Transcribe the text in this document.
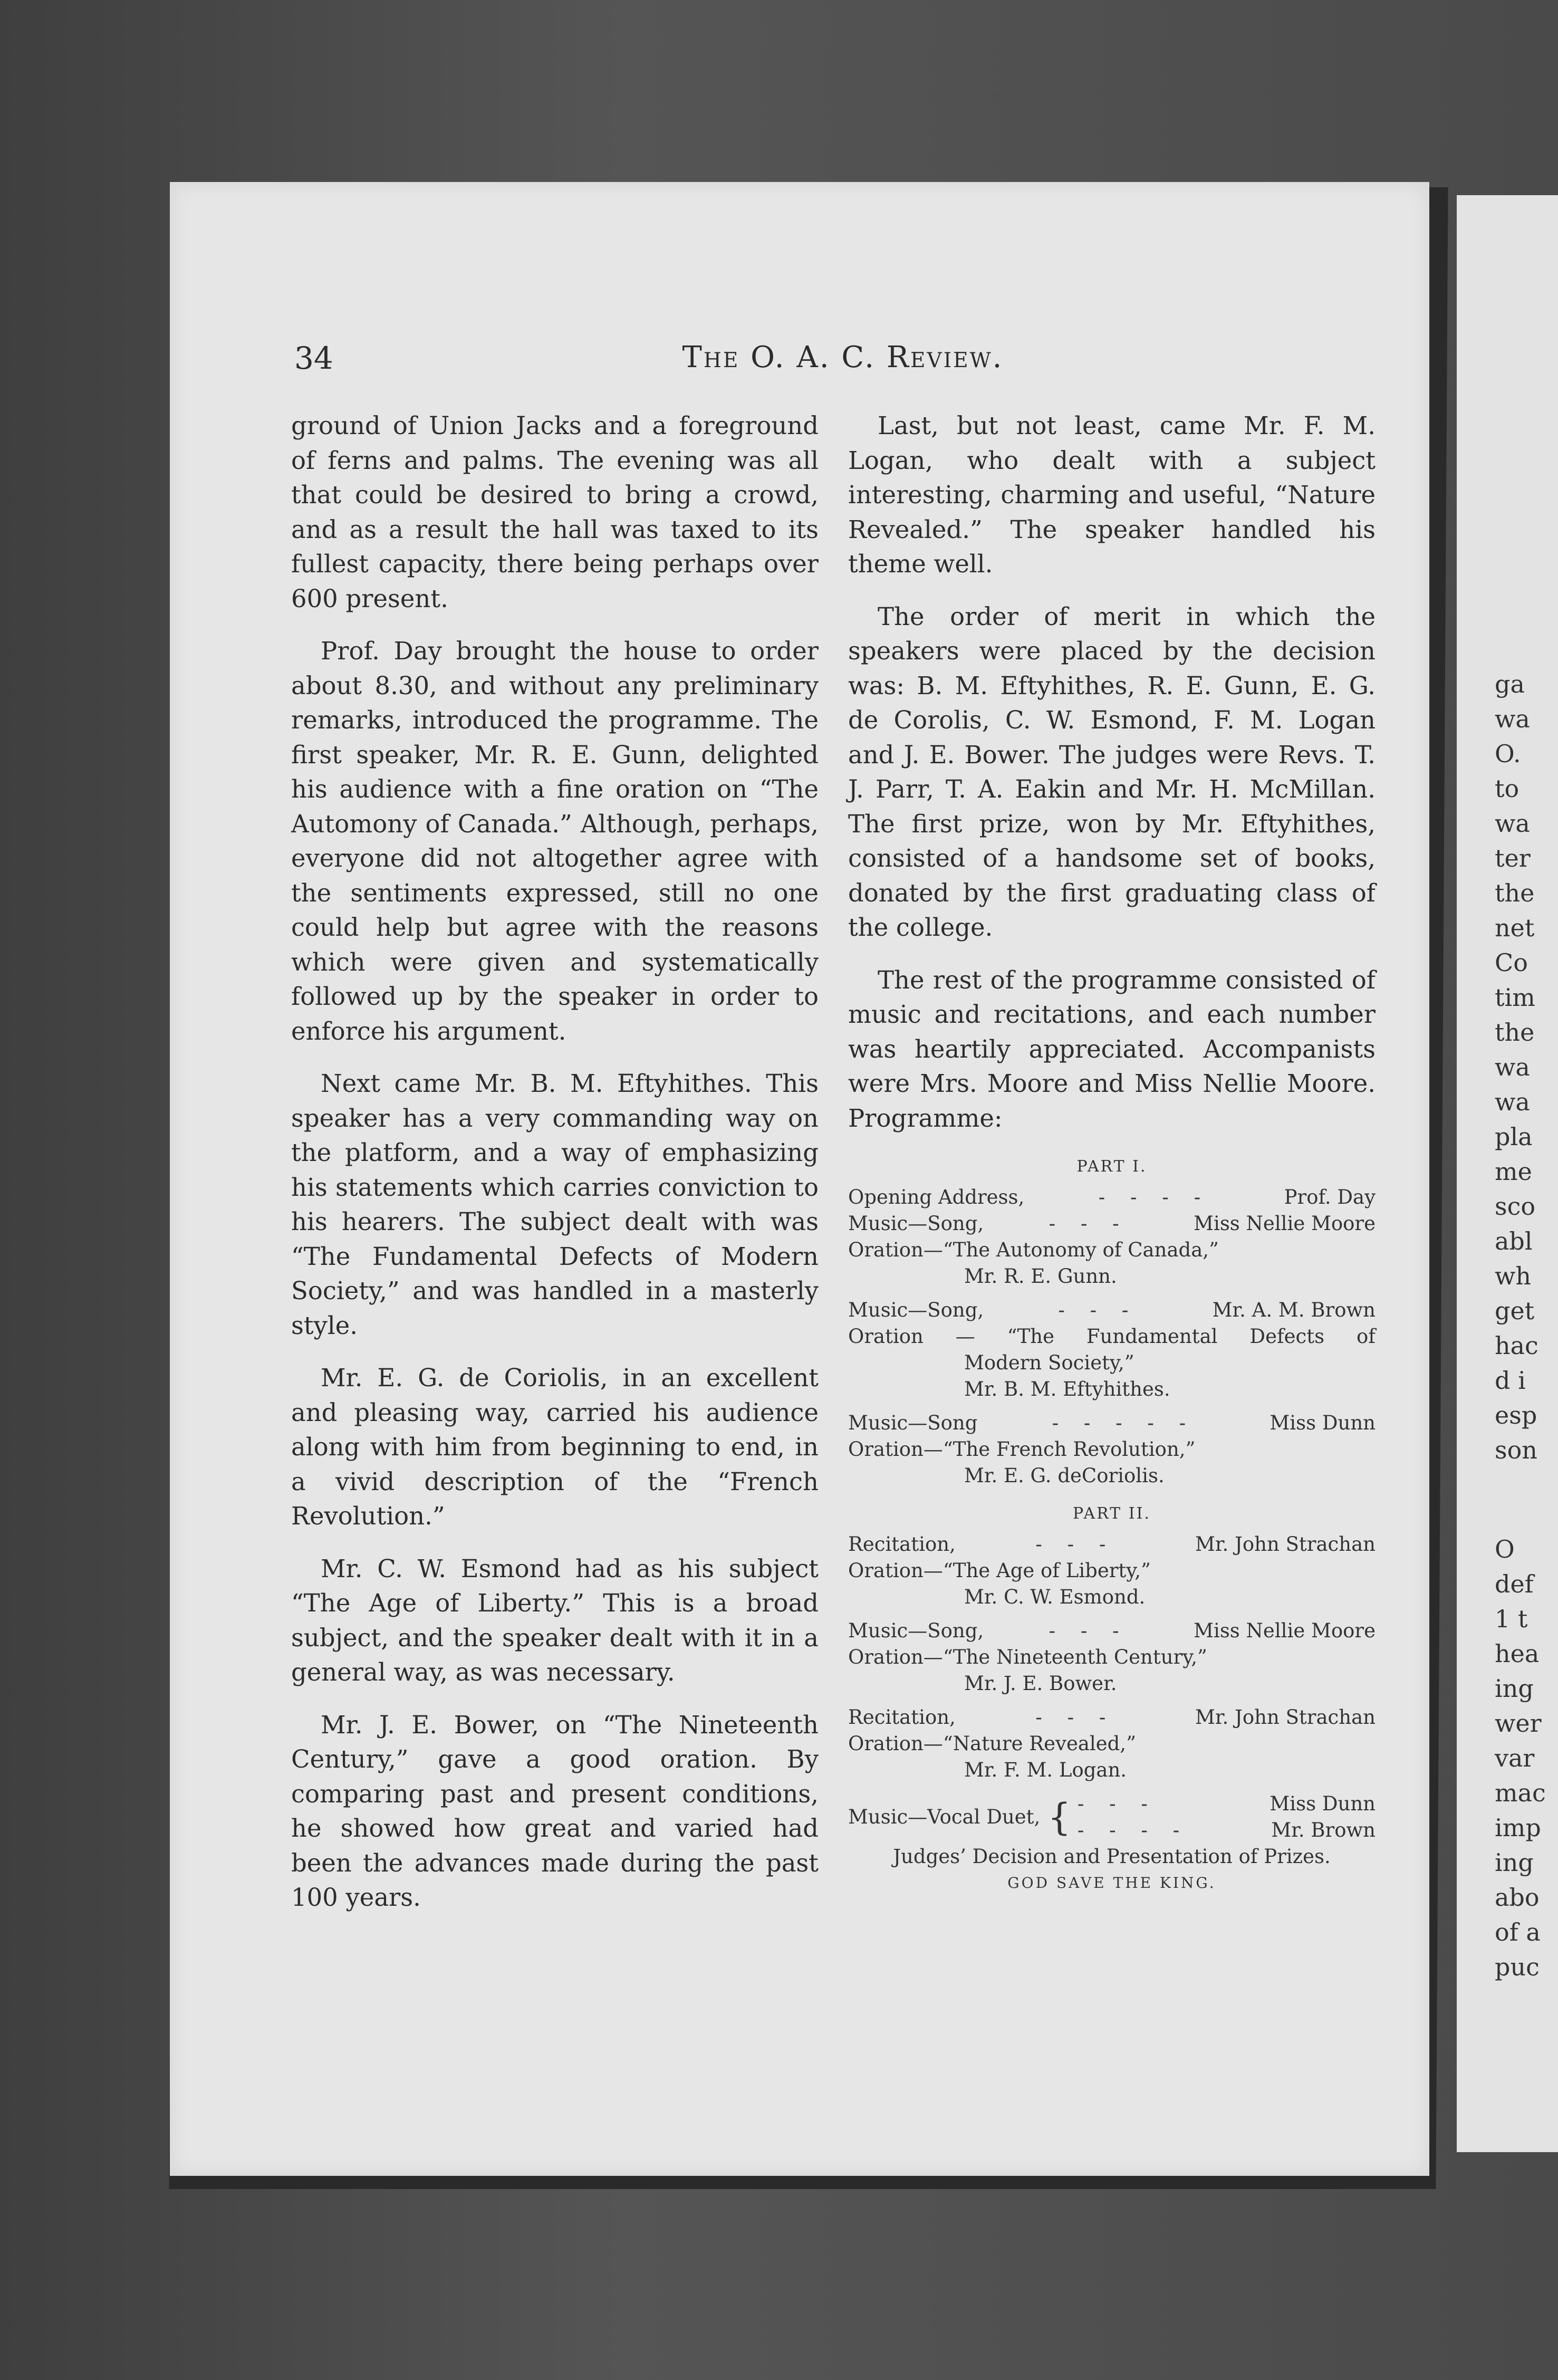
34	The O. A. C. Review.

ground of Union Jacks and a foreground of ferns and palms. The evening was all that could be desired to bring a crowd, and as a result the hall was taxed to its fullest capacity, there being perhaps over 600 present.

Prof. Day brought the house to order about 8.30, and without any preliminary remarks, introduced the programme. The first speaker, Mr. R. E. Gunn, delighted his audience with a fine oration on “The Automony of Canada.” Although, perhaps, everyone did not altogether agree with the sentiments expressed, still no one could help but agree with the reasons which were given and systematically followed up by the speaker in order to enforce his argument.

Next came Mr. B. M. Eftyhithes. This speaker has a very commanding way on the platform, and a way of emphasizing his statements which carries conviction to his hearers. The subject dealt with was “The Fundamental Defects of Modern Society,” and was handled in a masterly style.

Mr. E. G. de Coriolis, in an excellent and pleasing way, carried his audience along with him from beginning to end, in a vivid description of the “French Revolution.”

Mr. C. W. Esmond had as his subject “The Age of Liberty.” This is a broad subject, and the speaker dealt with it in a general way, as was necessary.

Mr. J. E. Bower, on “The Nineteenth Century,” gave a good oration. By comparing past and present conditions, he showed how great and varied had been the advances made during the past 100 years.

Last, but not least, came Mr. F. M. Logan, who dealt with a subject interesting, charming and useful, “Nature Revealed.” The speaker handled his theme well.

The order of merit in which the speakers were placed by the decision was: B. M. Eftyhithes, R. E. Gunn, E. G. de Corolis, C. W. Esmond, F. M. Logan and J. E. Bower. The judges were Revs. T. J. Parr, T. A. Eakin and Mr. H. McMillan. The first prize, won by Mr. Eftyhithes, consisted of a handsome set of books, donated by the first graduating class of the college.

The rest of the programme consisted of music and recitations, and each number was heartily appreciated. Accompanists were Mrs. Moore and Miss Nellie Moore. Programme:

PART I.
Opening Address,	- - - -	Prof. Day
Music—Song,	- - -	Miss Nellie Moore
Oration—“The Autonomy of Canada,”
Mr. R. E. Gunn.
Music—Song,	- - -	Mr. A. M. Brown
Oration — “The Fundamental Defects of
Modern Society,”
Mr. B. M. Eftyhithes.
Music—Song	- - - - -	Miss Dunn
Oration—“The French Revolution,”
Mr. E. G. deCoriolis.
PART II.
Recitation,	- - -	Mr. John Strachan
Oration—“The Age of Liberty,”
Mr. C. W. Esmond.
Music—Song,	- - -	Miss Nellie Moore
Oration—“The Nineteenth Century,”
Mr. J. E. Bower.
Recitation,	- - -	Mr. John Strachan
Oration—“Nature Revealed,”
Mr. F. M. Logan.
Music—Vocal Duet, { - - -	Miss Dunn
- - - -	Mr. Brown
Judges’ Decision and Presentation of Prizes.
GOD SAVE THE KING.
ga
wa
O.
to
wa
ter
the
net
Co
tim
the
wa
wa
pla
me
sco
abl
wh
get
hac
d i
esp
son
O
def
1 t
hea
ing
wer
var
mac
imp
ing
abo
of a
puc
